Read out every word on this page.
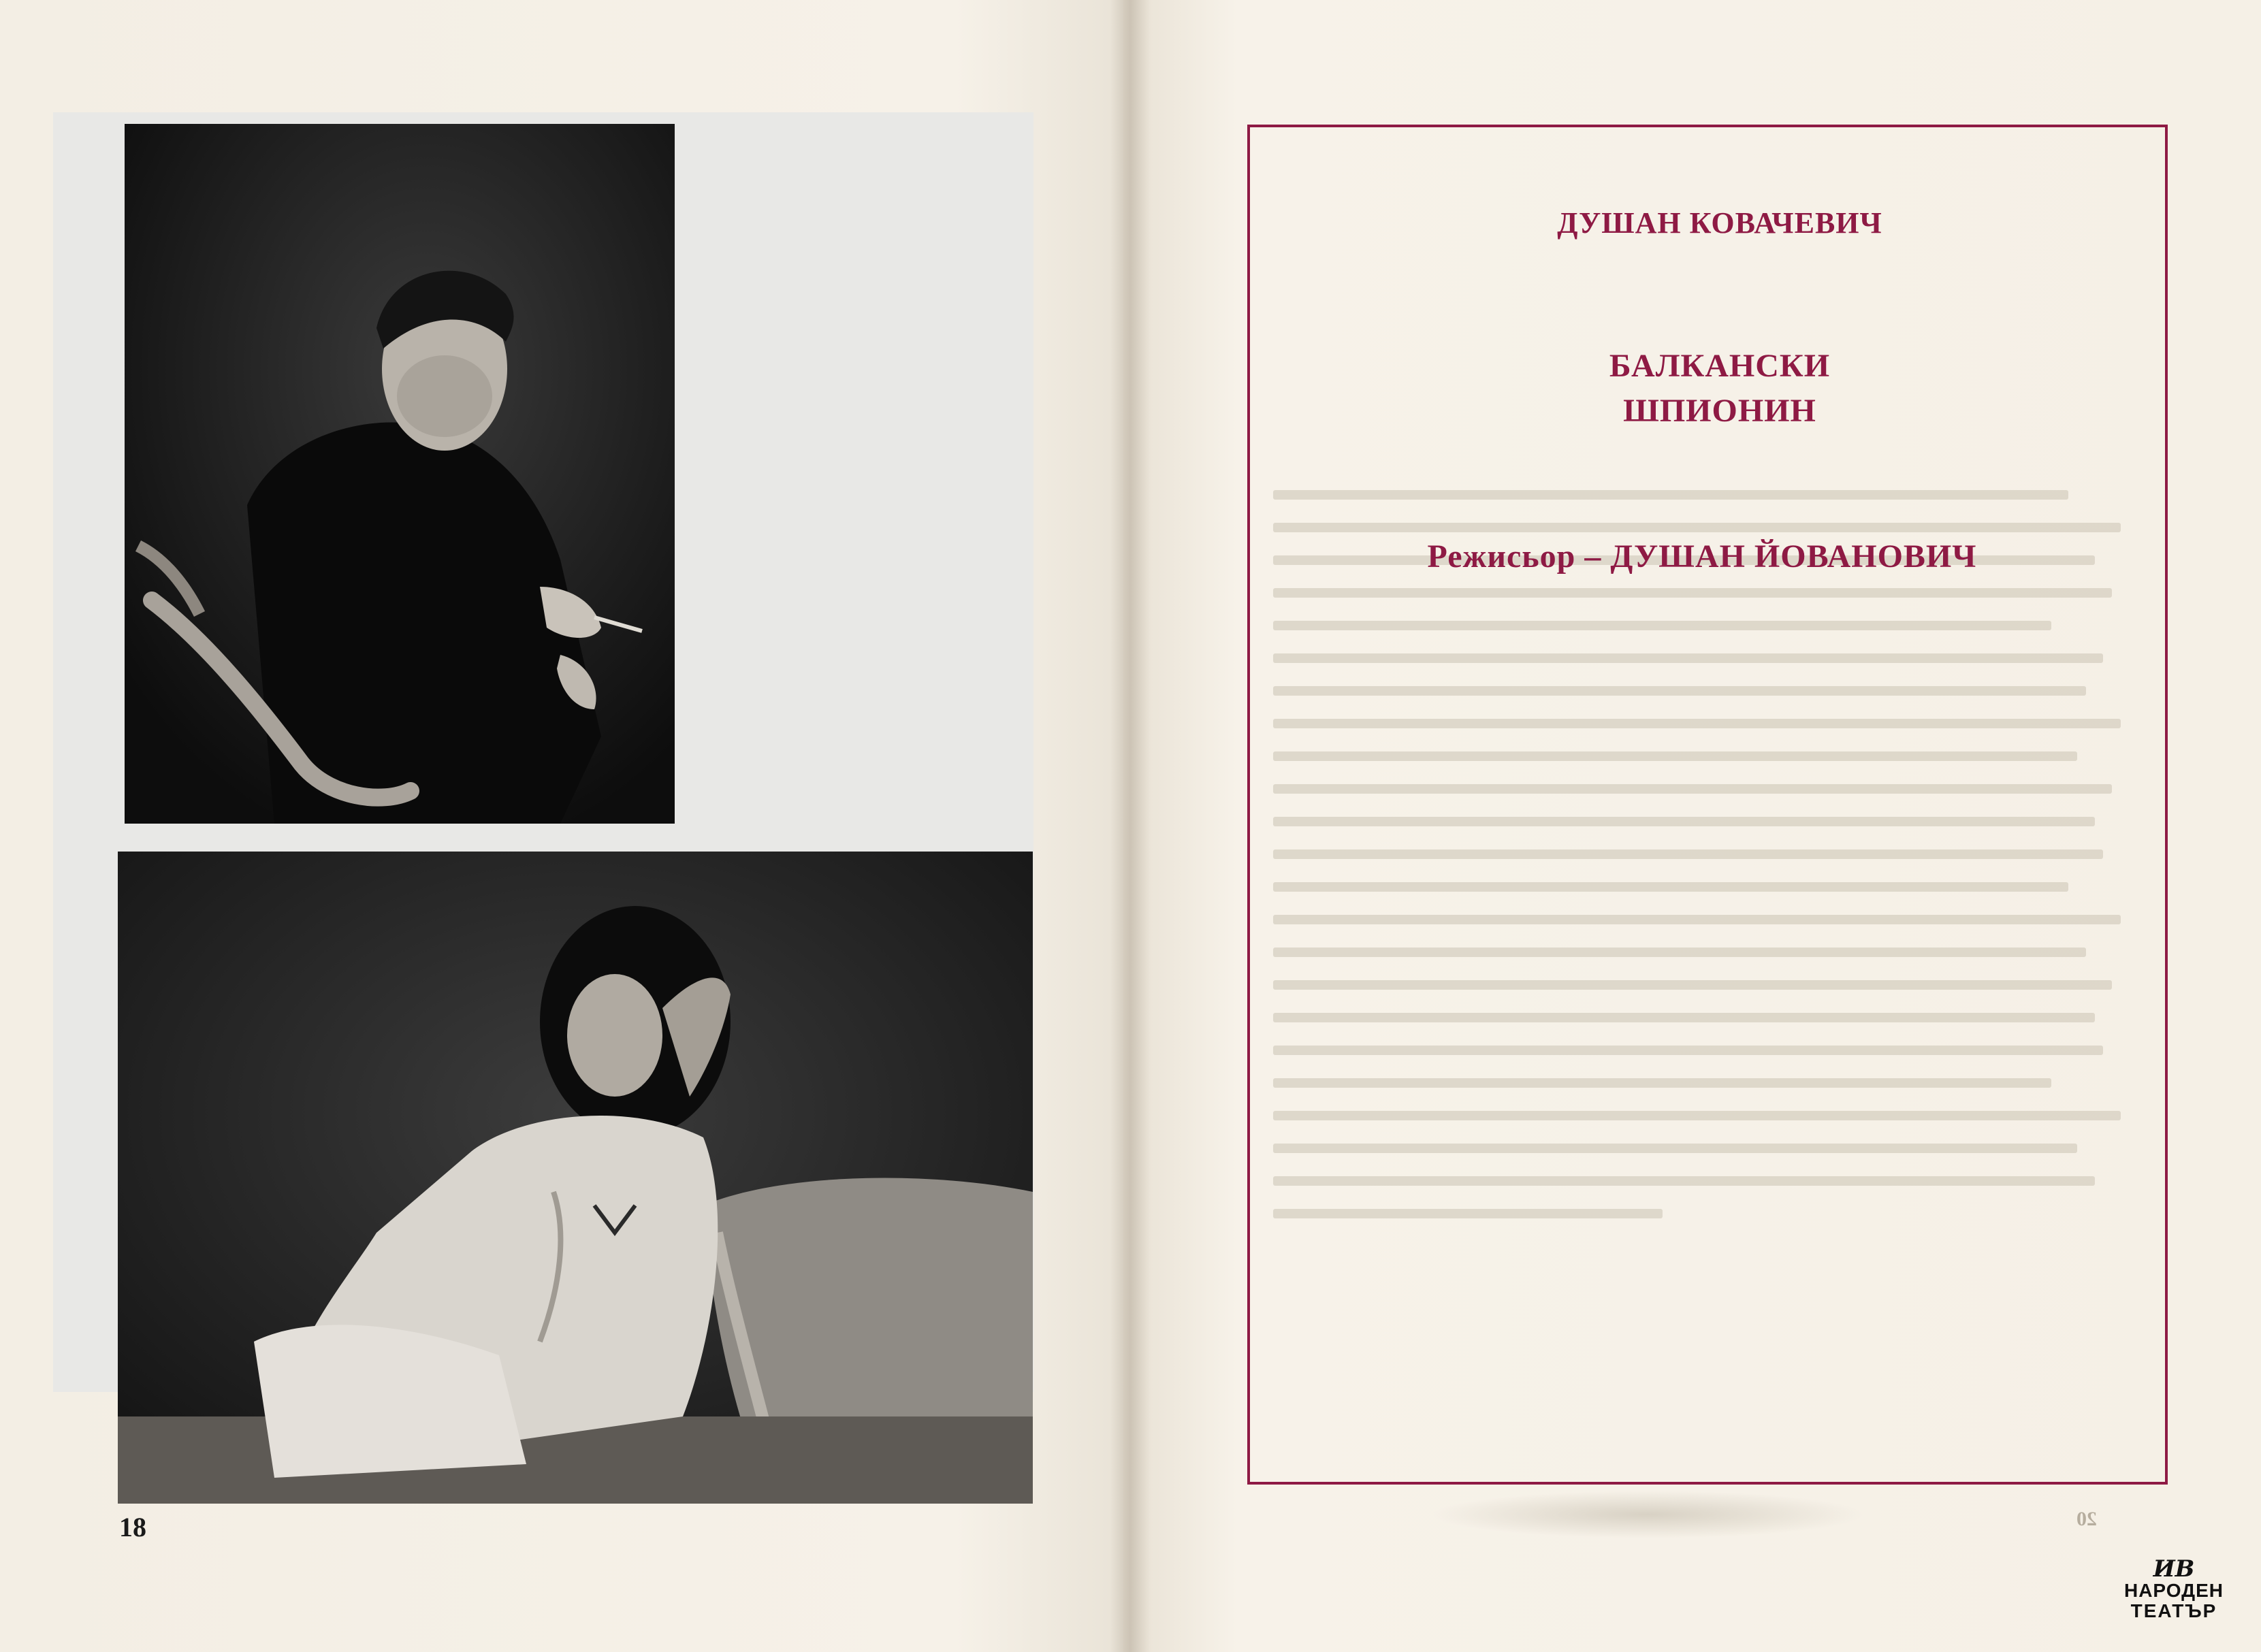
18
ДУШАН КОВАЧЕВИЧ
БАЛКАНСКИ
ШПИОНИН
Режисьор – ДУШАН ЙОВАНОВИЧ
20
ИВ
НАРОДЕН
ТЕАТЪР
